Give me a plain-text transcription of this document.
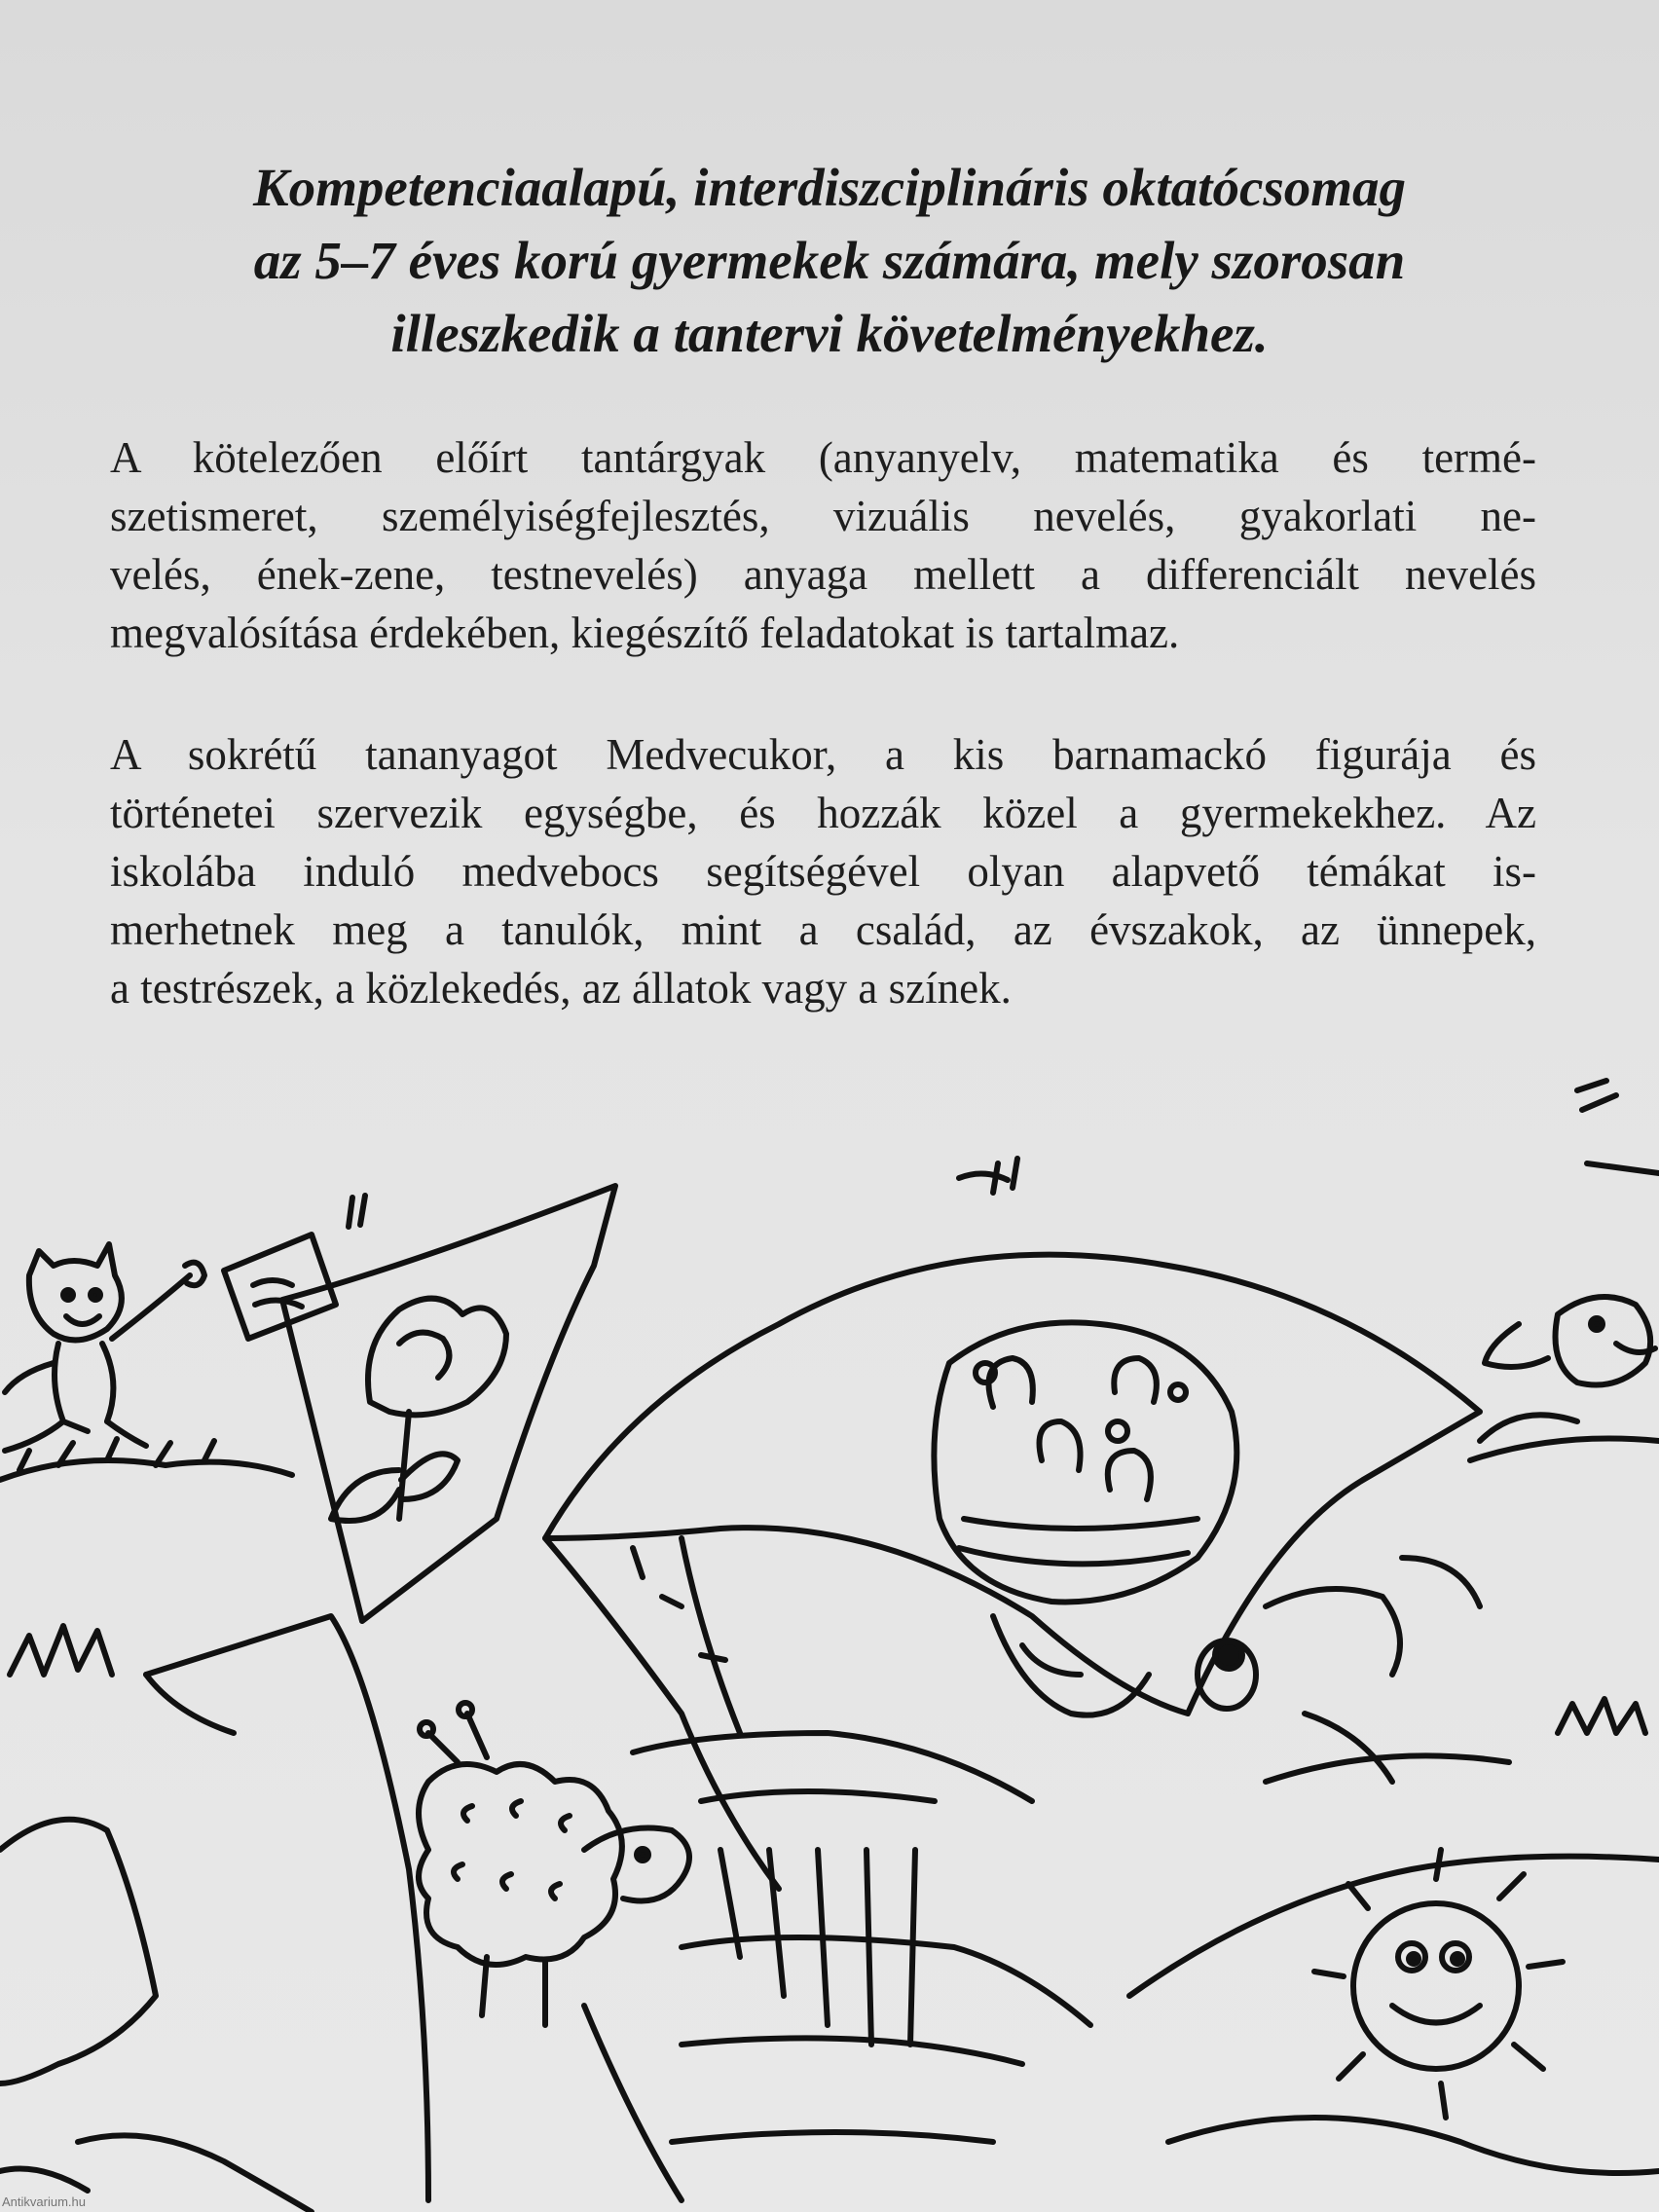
Kompetenciaalapú, interdiszciplináris oktatócsomag
az 5–7 éves korú gyermekek számára, mely szorosan
illeszkedik a tantervi követelményekhez.
A kötelezően előírt tantárgyak (anyanyelv, matematika és termé-
szetismeret, személyiségfejlesztés, vizuális nevelés, gyakorlati ne-
velés, ének-zene, testnevelés) anyaga mellett a differenciált nevelés
megvalósítása érdekében, kiegészítő feladatokat is tartalmaz.
A sokrétű tananyagot Medvecukor, a kis barnamackó figurája és
történetei szervezik egységbe, és hozzák közel a gyermekekhez. Az
iskolába induló medvebocs segítségével olyan alapvető témákat is-
merhetnek meg a tanulók, mint a család, az évszakok, az ünnepek,
a testrészek, a közlekedés, az állatok vagy a színek.
Antikvarium.hu
